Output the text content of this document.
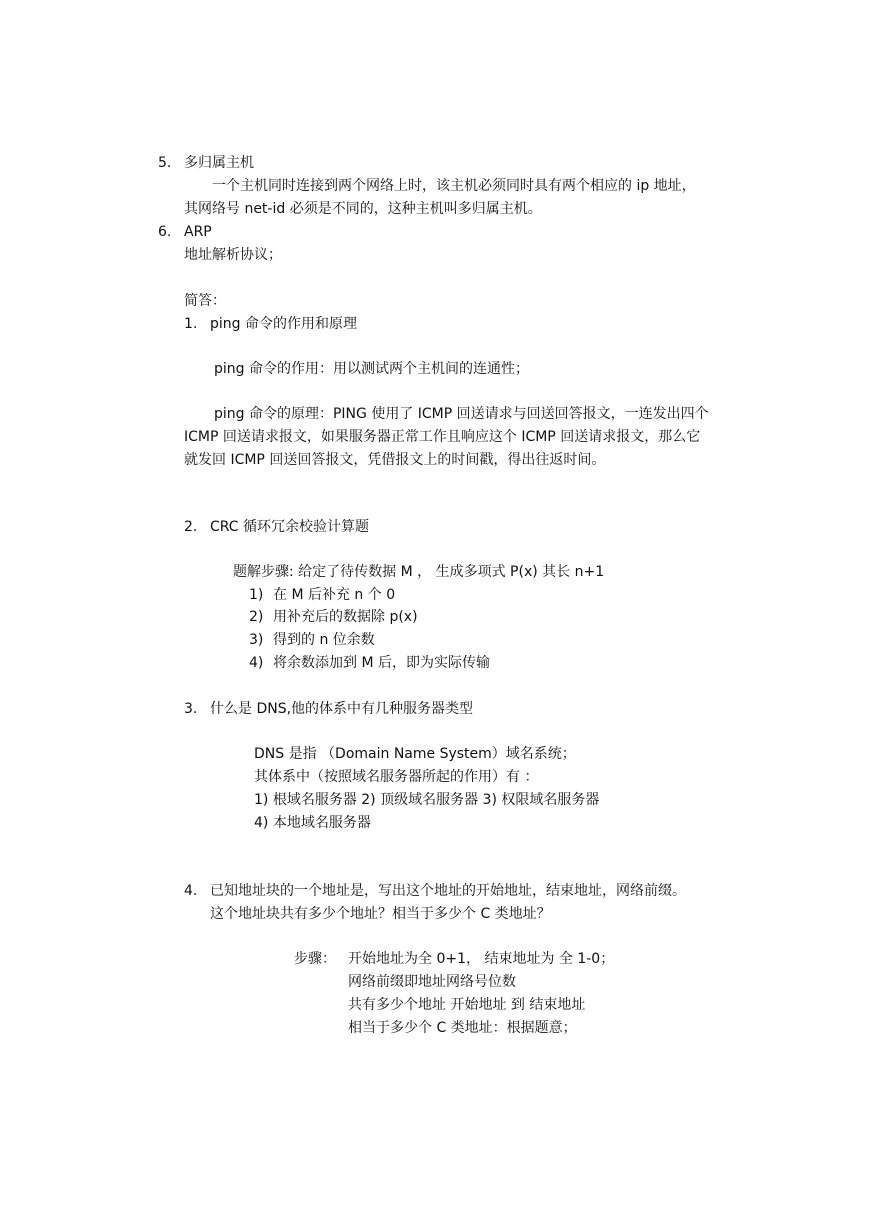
5. 多归属主机
一个主机同时连接到两个网络上时，该主机必须同时具有两个相应的 ip 地址，
其网络号 net-id 必须是不同的，这种主机叫多归属主机。
6. ARP
地址解析协议；
简答：
1. ping 命令的作用和原理
ping 命令的作用：用以测试两个主机间的连通性；
ping 命令的原理：PING 使用了 ICMP 回送请求与回送回答报文，一连发出四个
ICMP 回送请求报文，如果服务器正常工作且响应这个 ICMP 回送请求报文，那么它
就发回 ICMP 回送回答报文，凭借报文上的时间戳，得出往返时间。
2. CRC 循环冗余校验计算题
题解步骤: 给定了待传数据 M ， 生成多项式 P(x) 其长 n+1
1) 在 M 后补充 n 个 0
2) 用补充后的数据除 p(x)
3) 得到的 n 位余数
4) 将余数添加到 M 后，即为实际传输
3. 什么是 DNS,他的体系中有几种服务器类型
DNS 是指 （Domain Name System）域名系统；
其体系中（按照域名服务器所起的作用）有 ：
1) 根域名服务器 2) 顶级域名服务器 3) 权限域名服务器
4) 本地域名服务器
4. 已知地址块的一个地址是，写出这个地址的开始地址，结束地址，网络前缀。
这个地址块共有多少个地址？相当于多少个 C 类地址？
步骤： 开始地址为全 0+1， 结束地址为 全 1-0；
网络前缀即地址网络号位数
共有多少个地址 开始地址 到 结束地址
相当于多少个 C 类地址：根据题意；
